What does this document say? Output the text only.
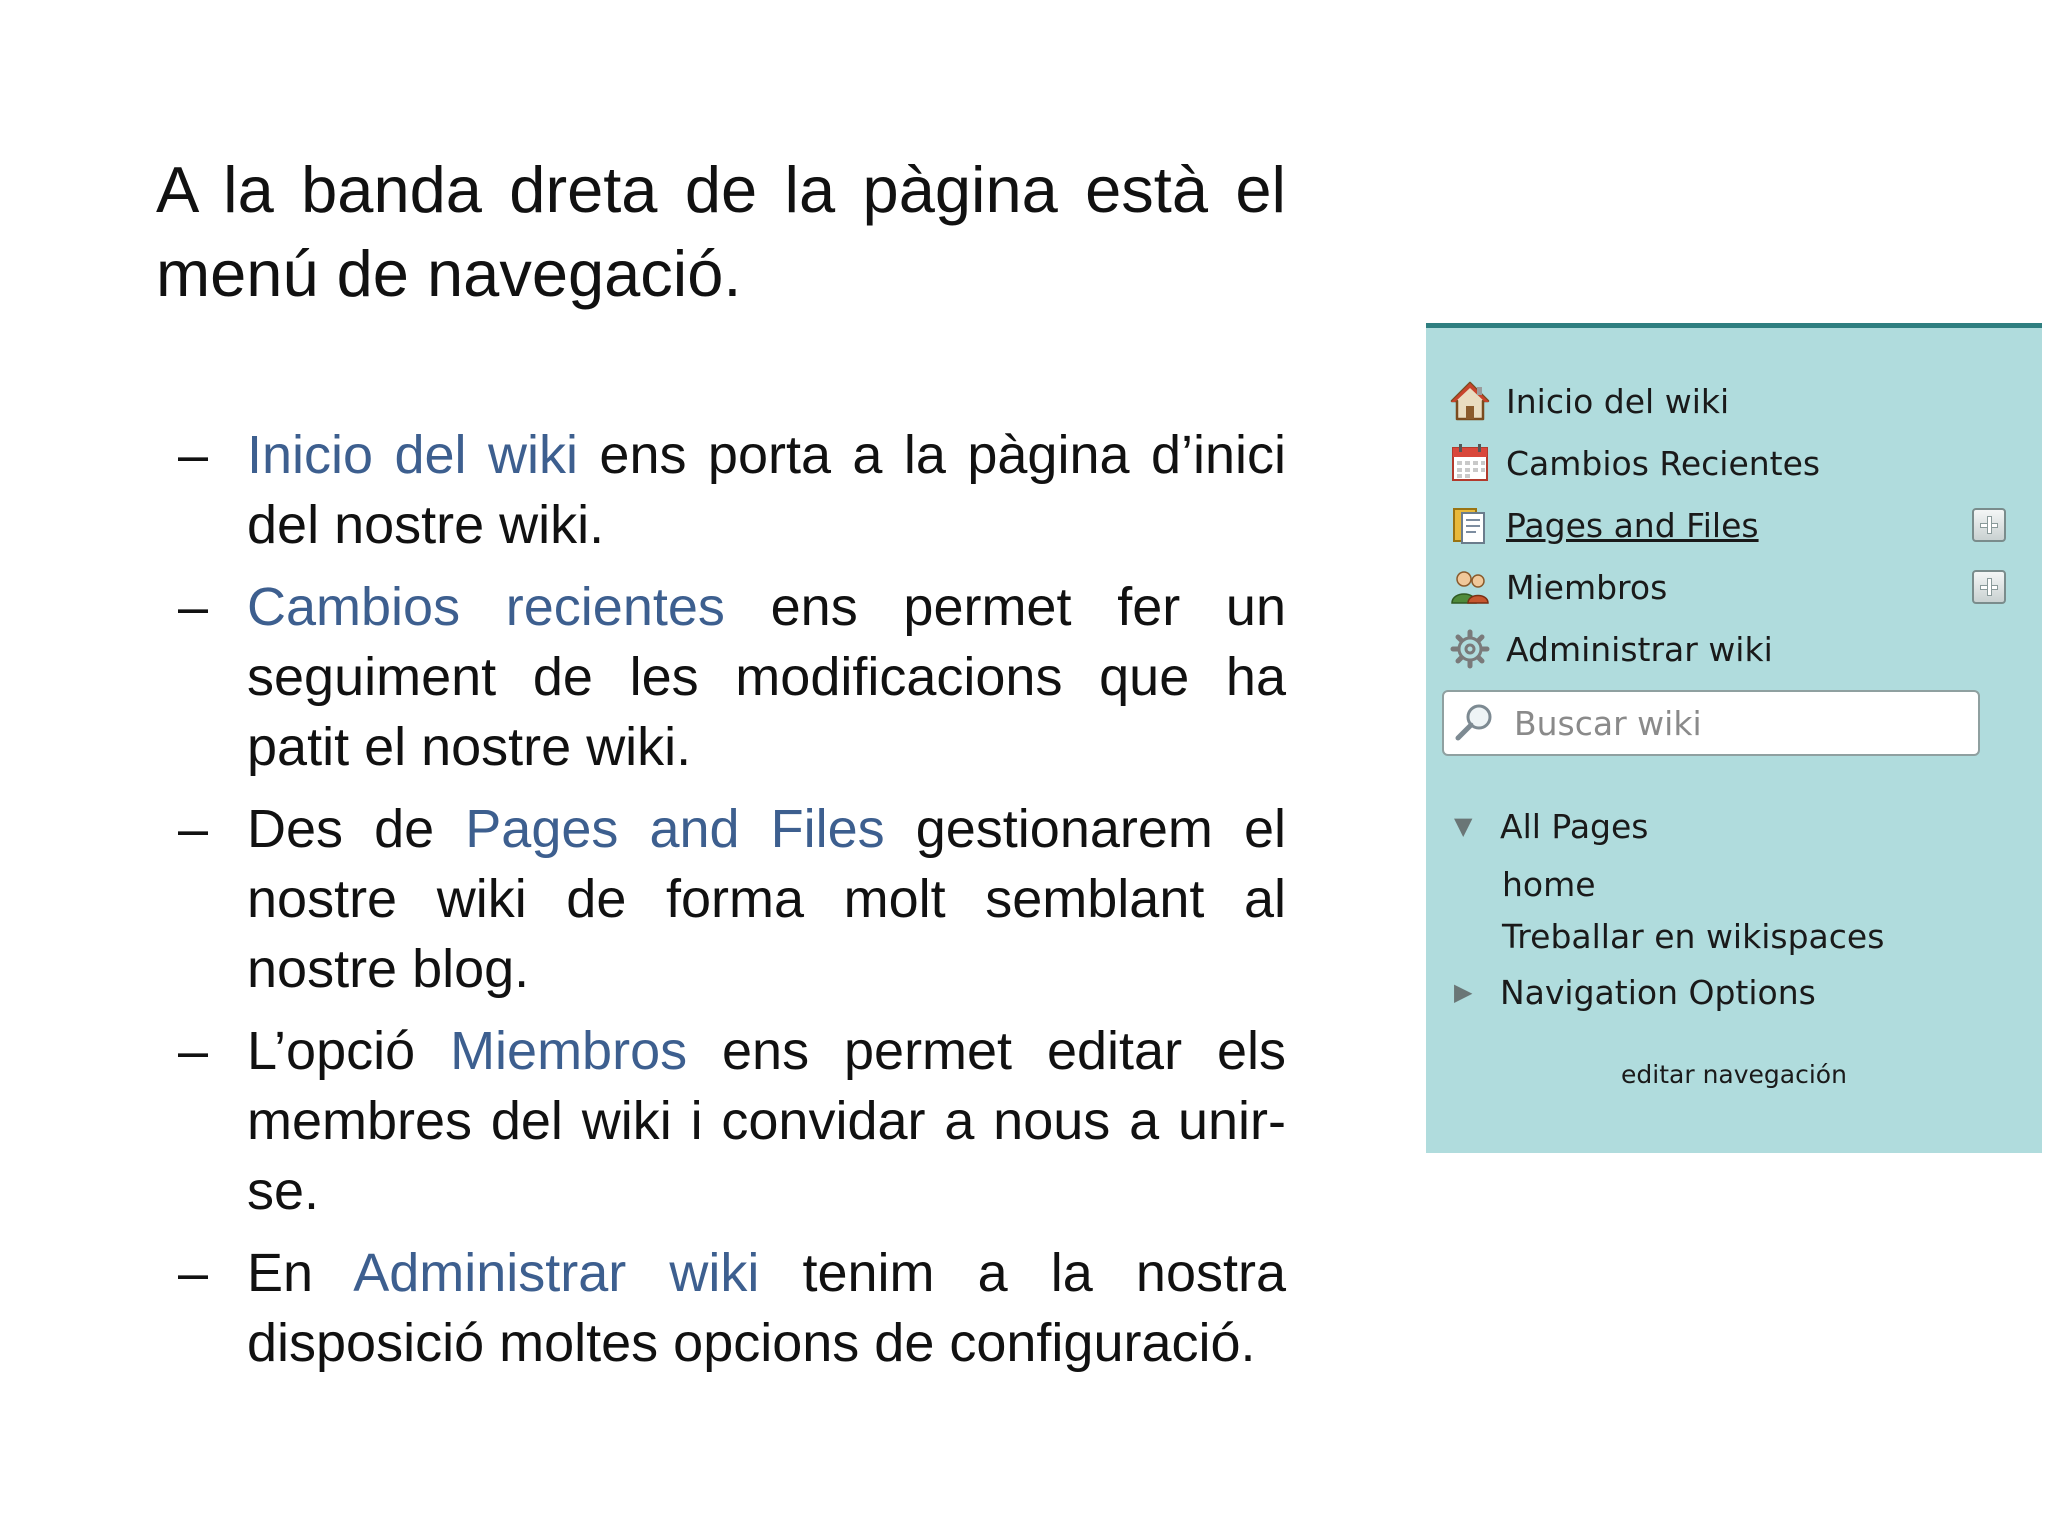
A la banda dreta de la pàgina està el menú de navegació.
– Inicio del wiki ens porta a la pàgina d’inici del nostre wiki.
– Cambios recientes ens permet fer un seguiment de les modificacions que ha patit el nostre wiki.
– Des de Pages and Files gestionarem el nostre wiki de forma molt semblant al nostre blog.
– L’opció Miembros ens permet editar els membres del wiki i convidar a nous a unir-se.
– En Administrar wiki tenim a la nostra disposició moltes opcions de configuració.
Inicio del wiki
Cambios Recientes
Pages and Files
Miembros
Administrar wiki
Buscar wiki
▼ All Pages
home
Treballar en wikispaces
▶ Navigation Options
editar navegación
